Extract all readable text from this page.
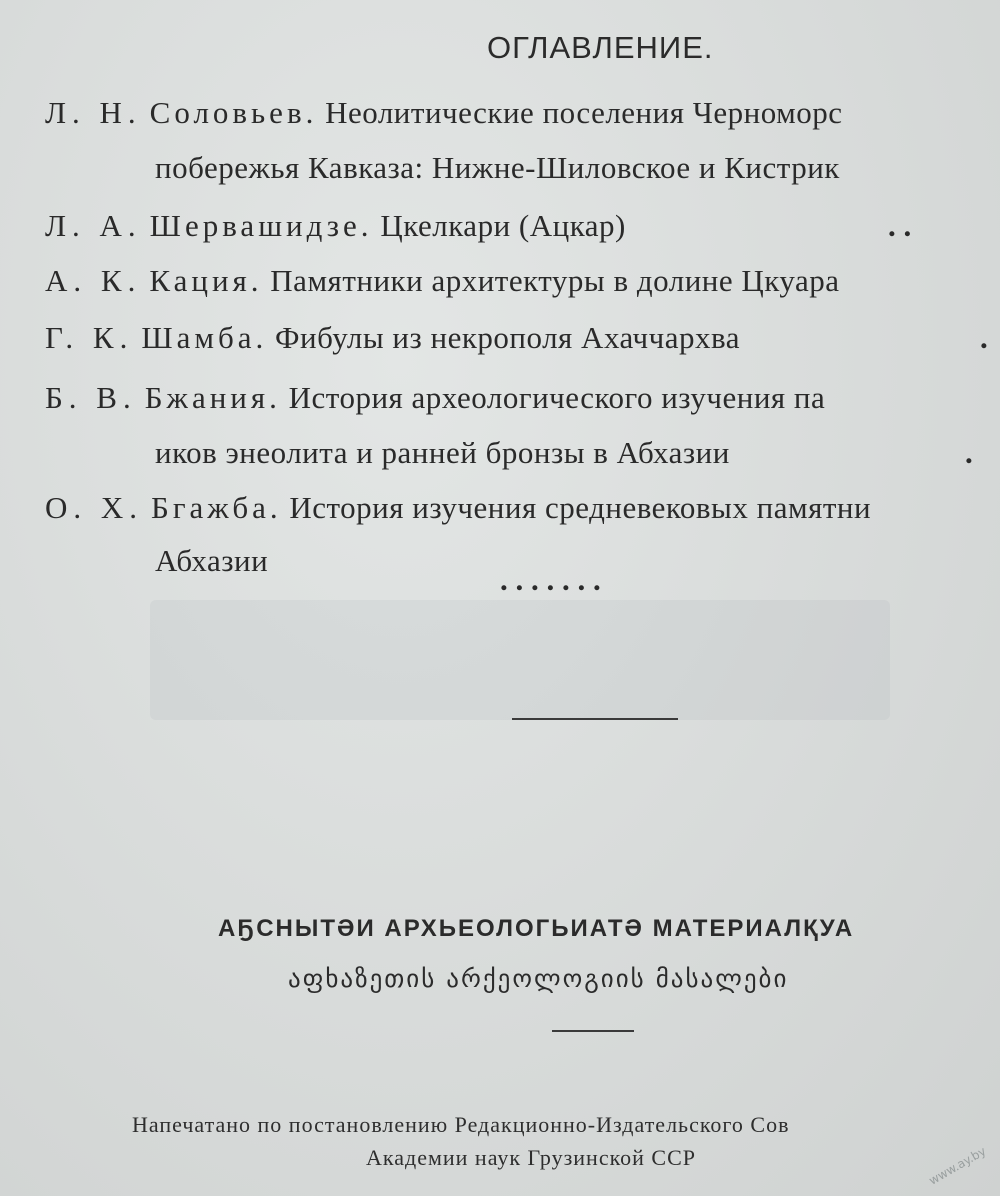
ОГЛАВЛЕНИЕ.
Л. Н. Соловьев. Неолитические поселения Черноморс
побережья Кавказа: Нижне-Шиловское и Кистрик
Л. А. Шервашидзе. Цкелкари (Ацкар)	. .
А. К. Кация. Памятники архитектуры в долине Цкуара
Г. К. Шамба. Фибулы из некрополя Ахаччархва	.
Б. В. Бжания. История археологического изучения па
иков энеолита и ранней бронзы в Абхазии	.
О. Х. Бгажба. История изучения средневековых памятни
Абхазии
. . . . . . .
АҔСНЫТӘИ АРХЬЕОЛОГЬИАТӘ МАТЕРИАЛҚУА
აფხაზეთის არქეოლოგიის მასალები
Напечатано по постановлению Редакционно-Издательского Сов
Академии наук Грузинской ССР	www.ay.by
